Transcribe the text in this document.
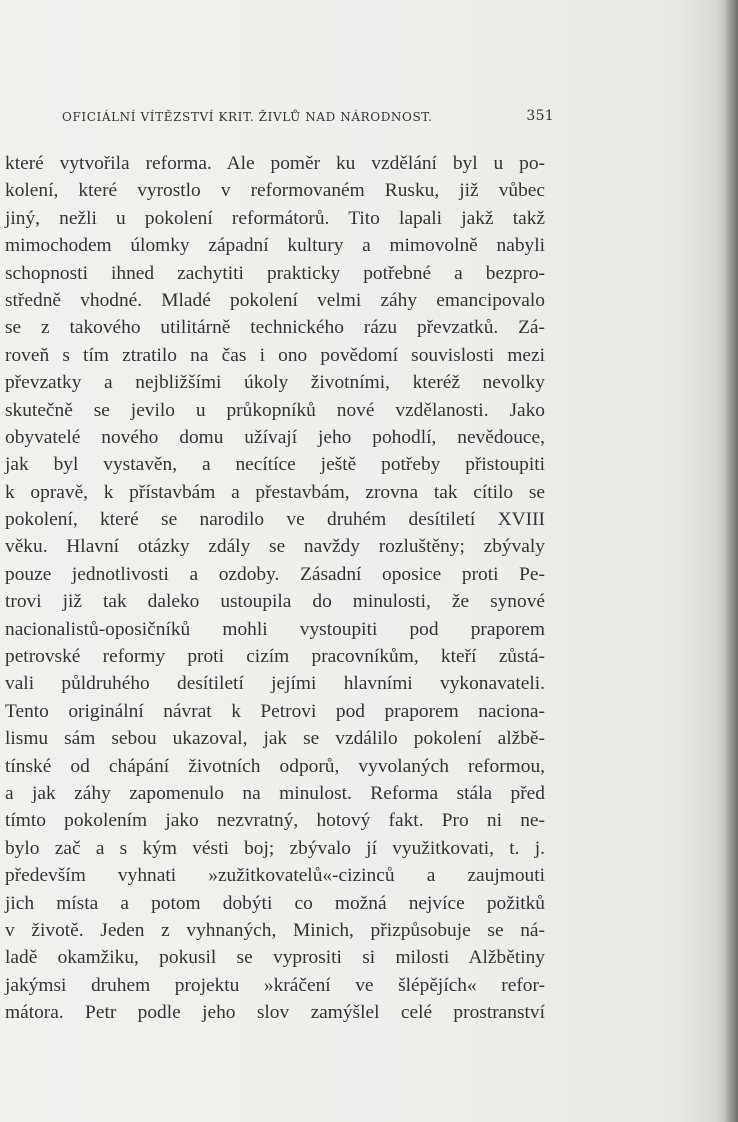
OFICIÁLNÍ VÍTĚZSTVÍ KRIT. ŽIVLŮ NAD NÁRODNOST.	351
které vytvořila reforma. Ale poměr ku vzdělání byl u po-
kolení, které vyrostlo v reformovaném Rusku, již vůbec
jiný, nežli u pokolení reformátorů. Tito lapali jakž takž
mimochodem úlomky západní kultury a mimovolně nabyli
schopnosti ihned zachytiti prakticky potřebné a bezpro-
středně vhodné. Mladé pokolení velmi záhy emancipovalo
se z takového utilitárně technického rázu převzatků. Zá-
roveň s tím ztratilo na čas i ono povědomí souvislosti mezi
převzatky a nejbližšími úkoly životními, kteréž nevolky
skutečně se jevilo u průkopníků nové vzdělanosti. Jako
obyvatelé nového domu užívají jeho pohodlí, nevědouce,
jak byl vystavěn, a necítíce ještě potřeby přistoupiti
k opravě, k přístavbám a přestavbám, zrovna tak cítilo se
pokolení, které se narodilo ve druhém desítiletí XVIII
věku. Hlavní otázky zdály se navždy rozluštěny; zbývaly
pouze jednotlivosti a ozdoby. Zásadní oposice proti Pe-
trovi již tak daleko ustoupila do minulosti, že synové
nacionalistů-oposičníků mohli vystoupiti pod praporem
petrovské reformy proti cizím pracovníkům, kteří zůstá-
vali půldruhého desítiletí jejími hlavními vykonavateli.
Tento originální návrat k Petrovi pod praporem naciona-
lismu sám sebou ukazoval, jak se vzdálilo pokolení alžbě-
tínské od chápání životních odporů, vyvolaných reformou,
a jak záhy zapomenulo na minulost. Reforma stála před
tímto pokolením jako nezvratný, hotový fakt. Pro ni ne-
bylo zač a s kým vésti boj; zbývalo jí využitkovati, t. j.
především vyhnati »zužitkovatelů«-cizinců a zaujmouti
jich místa a potom dobýti co možná nejvíce požitků
v životě. Jeden z vyhnaných, Minich, přizpůsobuje se ná-
ladě okamžiku, pokusil se vyprositi si milosti Alžbětiny
jakýmsi druhem projektu »kráčení ve šlépějích« refor-
mátora. Petr podle jeho slov zamýšlel celé prostranství
